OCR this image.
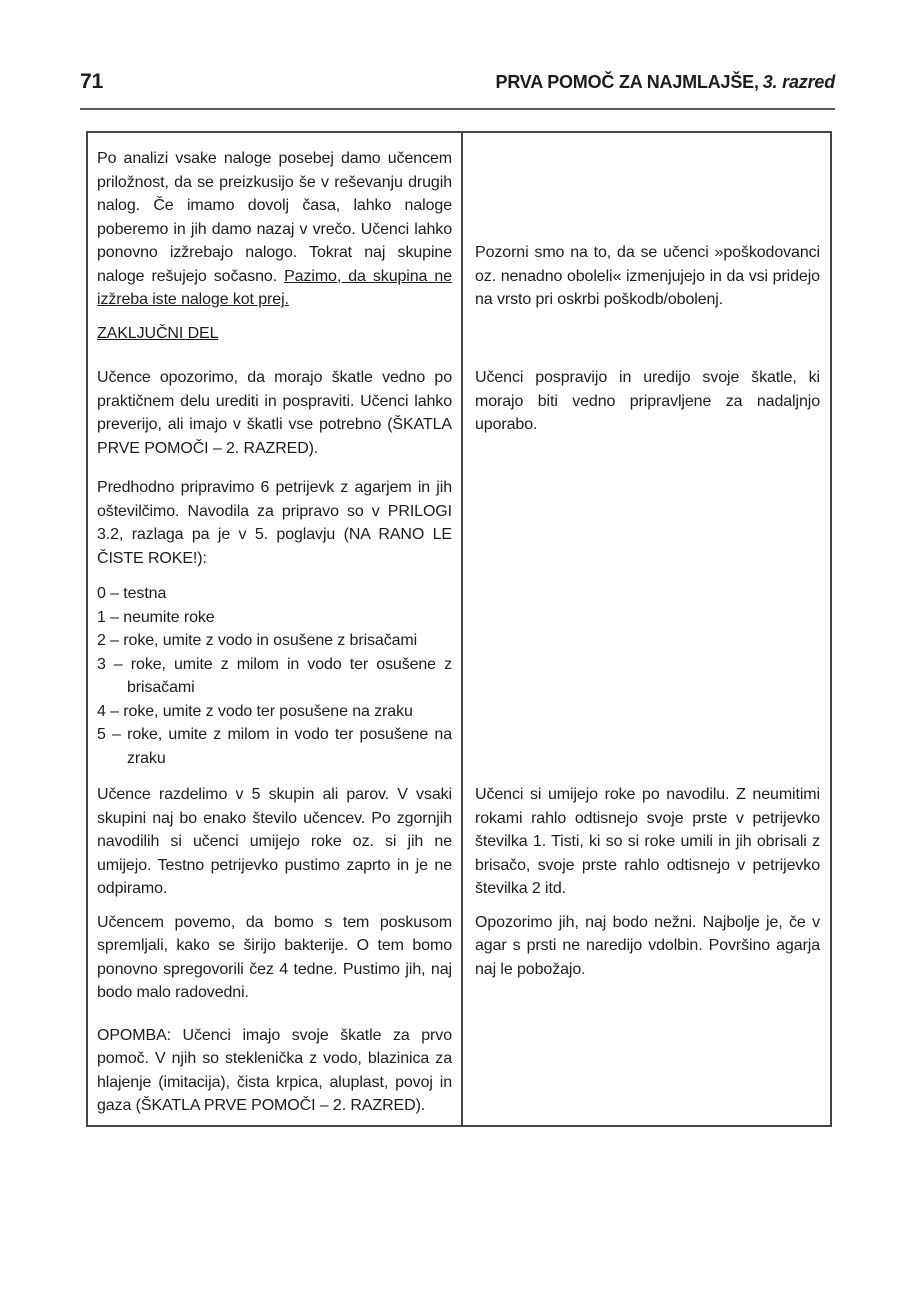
71	PRVA POMOČ ZA NAJMLAJŠE, 3. razred

Po analizi vsake naloge posebej damo učencem priložnost, da se preizkusijo še v reševanju drugih nalog. Če imamo dovolj časa, lahko naloge poberemo in jih damo nazaj v vrečo. Učenci lahko ponovno izžrebajo nalogo. Tokrat naj skupine naloge rešujejo sočasno. Pazimo, da skupina ne izžreba iste naloge kot prej.

Pozorni smo na to, da se učenci »poškodovanci oz. nenadno oboleli« izmenjujejo in da vsi pridejo na vrsto pri oskrbi poškodb/obolenj.

ZAKLJUČNI DEL

Učence opozorimo, da morajo škatle vedno po praktičnem delu urediti in pospraviti. Učenci lahko preverijo, ali imajo v škatli vse potrebno (ŠKATLA PRVE POMOČI – 2. RAZRED).

Učenci pospravijo in uredijo svoje škatle, ki morajo biti vedno pripravljene za nadaljnjo uporabo.

Predhodno pripravimo 6 petrijevk z agarjem in jih oštevilčimo. Navodila za pripravo so v PRILOGI 3.2, razlaga pa je v 5. poglavju (NA RANO LE ČISTE ROKE!):

0 – testna
1 – neumite roke
2 – roke, umite z vodo in osušene z brisačami
3 – roke, umite z milom in vodo ter osušene z brisačami
4 – roke, umite z vodo ter posušene na zraku
5 – roke, umite z milom in vodo ter posušene na zraku

Učence razdelimo v 5 skupin ali parov. V vsaki skupini naj bo enako število učencev. Po zgornjih navodilih si učenci umijejo roke oz. si jih ne umijejo. Testno petrijevko pustimo zaprto in je ne odpiramo.

Učenci si umijejo roke po navodilu. Z neumitimi rokami rahlo odtisnejo svoje prste v petrijevko številka 1. Tisti, ki so si roke umili in jih obrisali z brisačo, svoje prste rahlo odtisnejo v petrijevko številka 2 itd.

Učencem povemo, da bomo s tem poskusom spremljali, kako se širijo bakterije. O tem bomo ponovno spregovorili čez 4 tedne. Pustimo jih, naj bodo malo radovedni.

Opozorimo jih, naj bodo nežni. Najbolje je, če v agar s prsti ne naredijo vdolbin. Površino agarja naj le pobožajo.

OPOMBA: Učenci imajo svoje škatle za prvo pomoč. V njih so steklenička z vodo, blazinica za hlajenje (imitacija), čista krpica, aluplast, povoj in gaza (ŠKATLA PRVE POMOČI – 2. RAZRED).
